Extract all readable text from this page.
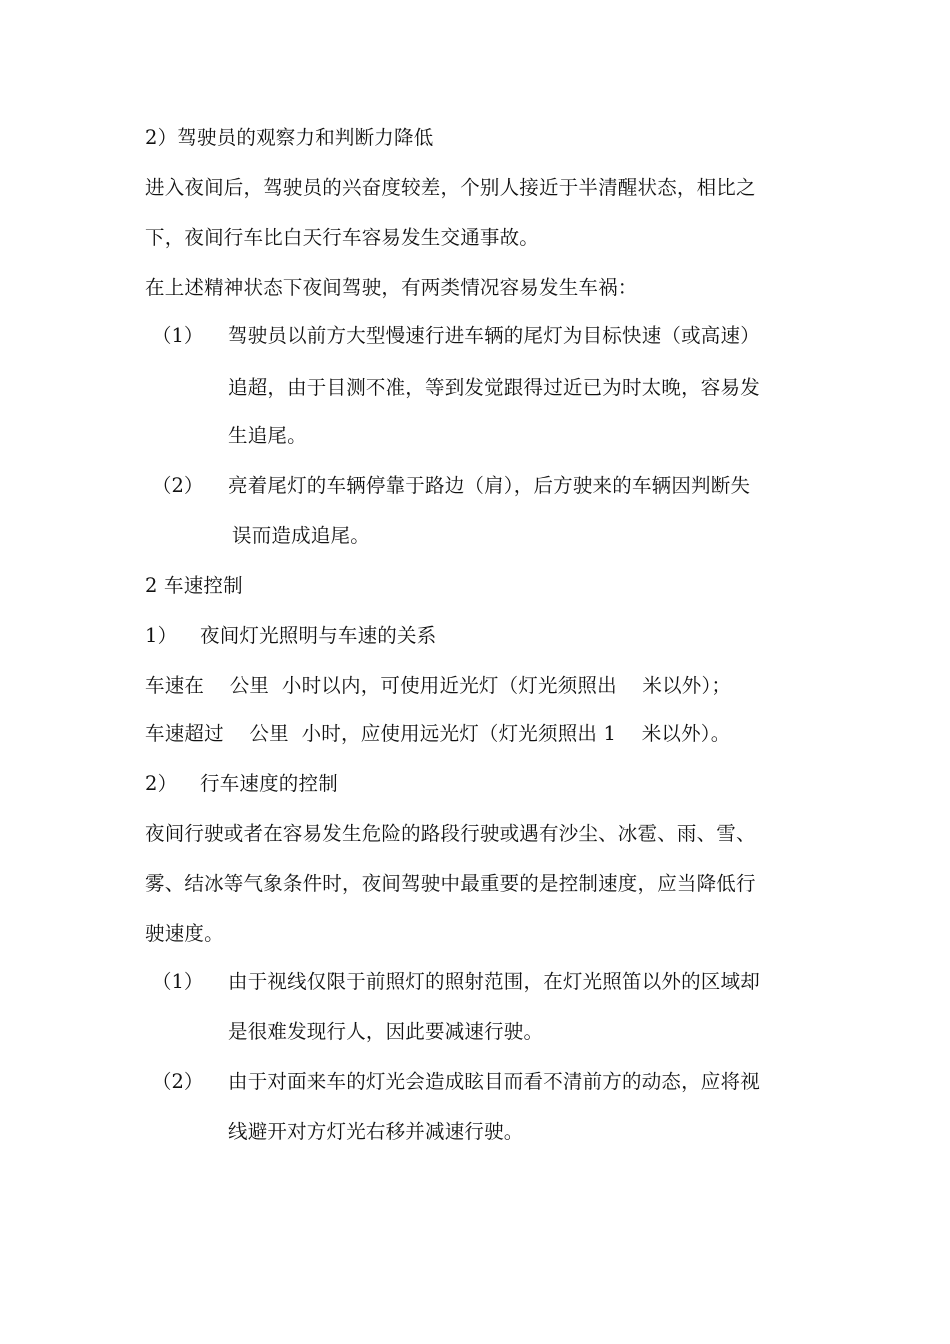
2）驾驶员的观察力和判断力降低
进入夜间后，驾驶员的兴奋度较差，个别人接近于半清醒状态，相比之
下，夜间行车比白天行车容易发生交通事故。
在上述精神状态下夜间驾驶，有两类情况容易发生车祸：
（1） 驾驶员以前方大型慢速行进车辆的尾灯为目标快速（或高速）
追超，由于目测不准，等到发觉跟得过近已为时太晚，容易发
生追尾。
（2） 亮着尾灯的车辆停靠于路边（肩），后方驶来的车辆因判断失
误而造成追尾。
2 车速控制
1） 夜间灯光照明与车速的关系
车速在    公里  小时以内，可使用近光灯（灯光须照出    米以外）；
车速超过    公里  小时，应使用远光灯（灯光须照出 1    米以外）。
2） 行车速度的控制
夜间行驶或者在容易发生危险的路段行驶或遇有沙尘、冰雹、雨、雪、
雾、结冰等气象条件时，夜间驾驶中最重要的是控制速度，应当降低行
驶速度。
（1） 由于视线仅限于前照灯的照射范围，在灯光照笛以外的区域却
是很难发现行人，因此要减速行驶。
（2） 由于对面来车的灯光会造成眩目而看不清前方的动态，应将视
线避开对方灯光右移并减速行驶。
